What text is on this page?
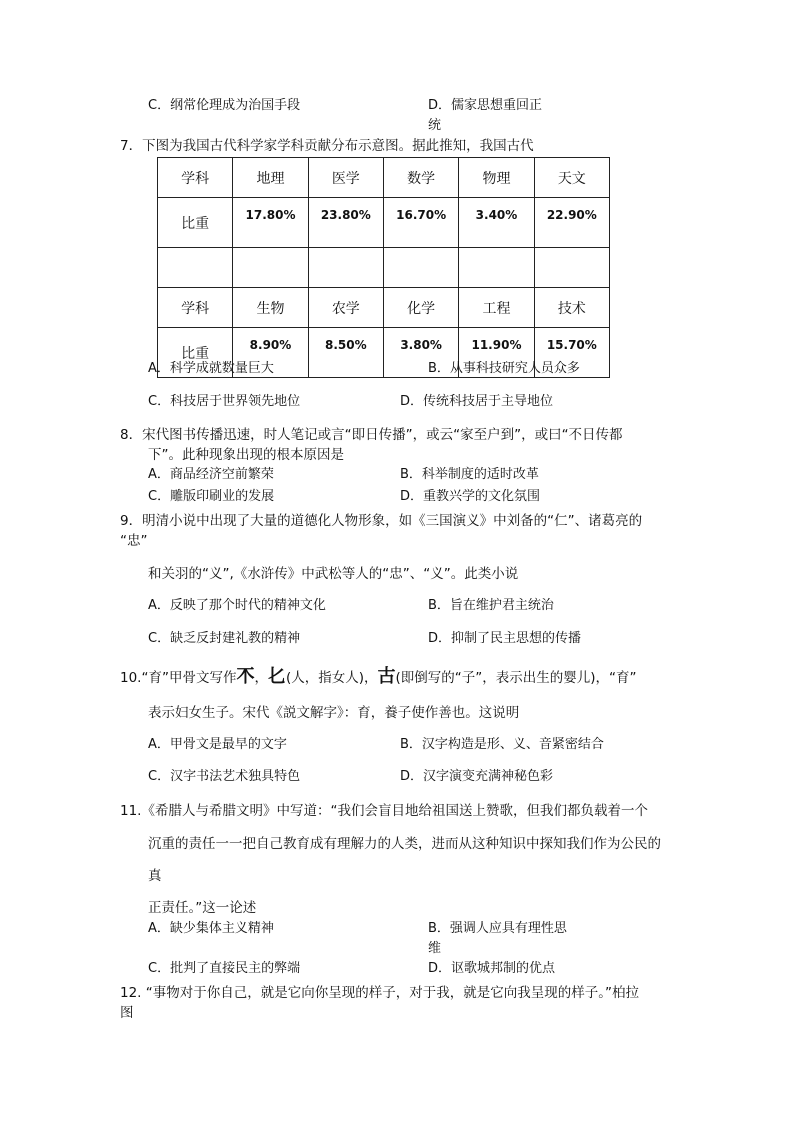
C．纲常伦理成为治国手段	D．儒家思想重回正
统
7．下图为我国古代科学家学科贡献分布示意图。据此推知，我国古代
学科	地理	医学	数学	物理	天文
比重	17.80%	23.80%	16.70%	3.40%	22.90%

学科	生物	农学	化学	工程	技术
比重	8.90%	8.50%	3.80%	11.90%	15.70%
A．科学成就数量巨大	B．从事科技研究人员众多
C．科技居于世界领先地位	D．传统科技居于主导地位
8．宋代图书传播迅速，时人笔记或言“即日传播”，或云“家至户到”，或曰“不日传都
下”。此种现象出现的根本原因是
A．商品经济空前繁荣	B．科举制度的适时改革
C．雕版印刷业的发展	D．重教兴学的文化氛围
9．明清小说中出现了大量的道德化人物形象，如《三国演义》中刘备的“仁”、诸葛亮的
“忠”
和关羽的“义”,《水浒传》中武松等人的“忠”、“义”。此类小说
A．反映了那个时代的精神文化	B．旨在维护君主统治
C．缺乏反封建礼教的精神	D．抑制了民主思想的传播
10.“育”甲骨文写作𣎴，𠤎(人，指女人)，古(即倒写的“子”，表示出生的婴儿)，“育”
表示妇女生子。宋代《説文解字》：育，養子使作善也。这说明
A．甲骨文是最早的文字	B．汉字构造是形、义、音紧密结合
C．汉字书法艺术独具特色	D．汉字演变充满神秘色彩
11.《希腊人与希腊文明》中写道：“我们会盲目地给祖国送上赞歌，但我们都负载着一个
沉重的责任一一把自己教育成有理解力的人类，进而从这种知识中探知我们作为公民的
真
正责任。”这一论述
A．缺少集体主义精神	B．强调人应具有理性思
维
C．批判了直接民主的弊端	D．讴歌城邦制的优点
12. “事物对于你自己，就是它向你呈现的样子，对于我，就是它向我呈现的样子。”柏拉
图
